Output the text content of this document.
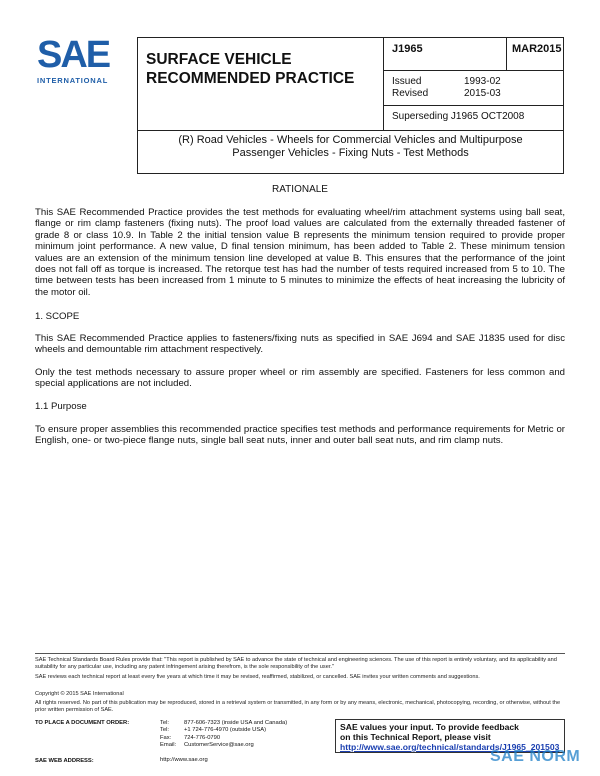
SAE
INTERNATIONAL
SURFACE VEHICLE
RECOMMENDED PRACTICE
J1965	MAR2015
Issued	1993-02
Revised	2015-03
Superseding J1965 OCT2008
(R) Road Vehicles - Wheels for Commercial Vehicles and Multipurpose
Passenger Vehicles - Fixing Nuts - Test Methods
RATIONALE
This SAE Recommended Practice provides the test methods for evaluating wheel/rim attachment systems using ball seat, flange or rim clamp fasteners (fixing nuts). The proof load values are calculated from the externally threaded fastener of grade 8 or class 10.9. In Table 2 the initial tension value B represents the minimum tension required to provide proper minimum joint performance. A new value, D final tension minimum, has been added to Table 2. These minimum tension values are an extension of the minimum tension line developed at value B. This ensures that the performance of the joint does not fall off as torque is increased. The retorque test has had the number of tests required increased from 5 to 10. The time between tests has been increased from 1 minute to 5 minutes to minimize the effects of heat increasing the lubricity of the motor oil.
1. SCOPE
This SAE Recommended Practice applies to fasteners/fixing nuts as specified in SAE J694 and SAE J1835 used for disc wheels and demountable rim attachment respectively.
Only the test methods necessary to assure proper wheel or rim assembly are specified. Fasteners for less common and special applications are not included.
1.1 Purpose
To ensure proper assemblies this recommended practice specifies test methods and performance requirements for Metric or English, one- or two-piece flange nuts, single ball seat nuts, inner and outer ball seat nuts, and rim clamp nuts.
SAE Technical Standards Board Rules provide that: "This report is published by SAE to advance the state of technical and engineering sciences. The use of this report is entirely voluntary, and its applicability and suitability for any particular use, including any patent infringement arising therefrom, is the sole responsibility of the user."
SAE reviews each technical report at least every five years at which time it may be revised, reaffirmed, stabilized, or cancelled. SAE invites your written comments and suggestions.
Copyright © 2015 SAE International
All rights reserved. No part of this publication may be reproduced, stored in a retrieval system or transmitted, in any form or by any means, electronic, mechanical, photocopying, recording, or otherwise, without the prior written permission of SAE.
TO PLACE A DOCUMENT ORDER:	Tel:	877-606-7323 (inside USA and Canada)
Tel:	+1 724-776-4970 (outside USA)
Fax: 724-776-0790
Email: CustomerService@sae.org
SAE WEB ADDRESS:	http://www.sae.org
SAE values your input. To provide feedback
on this Technical Report, please visit
http://www.sae.org/technical/standards/J1965_201503
SAE NORM
